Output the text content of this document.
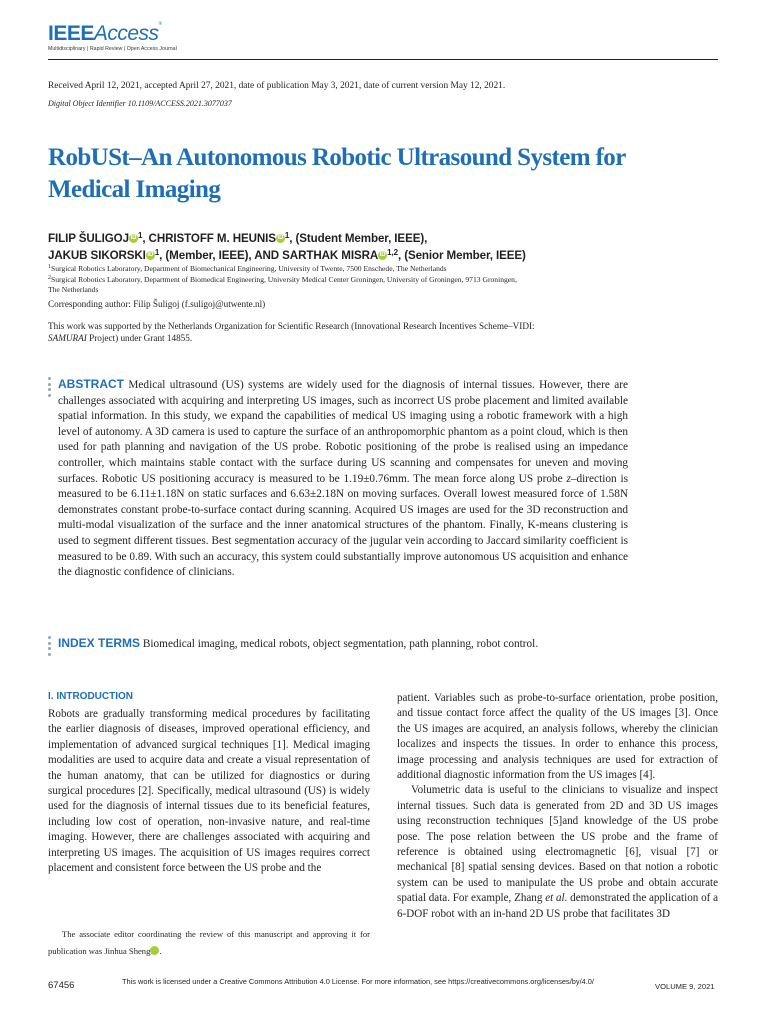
IEEEAccess®
Multidisciplinary | Rapid Review | Open Access Journal
Received April 12, 2021, accepted April 27, 2021, date of publication May 3, 2021, date of current version May 12, 2021.
Digital Object Identifier 10.1109/ACCESS.2021.3077037
RobUSt–An Autonomous Robotic Ultrasound System for Medical Imaging
FILIP ŠULIGOJ iD $^1$, CHRISTOFF M. HEUNIS iD $^1$, (Student Member, IEEE),
JAKUB SIKORSKI iD $^1$, (Member, IEEE), AND SARTHAK MISRA iD $^{1,2}$, (Senior Member, IEEE)
$^1$Surgical Robotics Laboratory, Department of Biomechanical Engineering, University of Twente, 7500 Enschede, The Netherlands
$^2$Surgical Robotics Laboratory, Department of Biomedical Engineering, University Medical Center Groningen, University of Groningen, 9713 Groningen,
The Netherlands
Corresponding author: Filip Šuligoj (f.suligoj@utwente.nl)
This work was supported by the Netherlands Organization for Scientific Research (Innovational Research Incentives Scheme–VIDI:
SAMURAI Project) under Grant 14855.
ABSTRACT Medical ultrasound (US) systems are widely used for the diagnosis of internal tissues. However, there are challenges associated with acquiring and interpreting US images, such as incorrect US probe placement and limited available spatial information. In this study, we expand the capabilities of medical US imaging using a robotic framework with a high level of autonomy. A 3D camera is used to capture the surface of an anthropomorphic phantom as a point cloud, which is then used for path planning and navigation of the US probe. Robotic positioning of the probe is realised using an impedance controller, which maintains stable contact with the surface during US scanning and compensates for uneven and moving surfaces. Robotic US positioning accuracy is measured to be 1.19±0.76mm. The mean force along US probe z–direction is measured to be 6.11±1.18N on static surfaces and 6.63±2.18N on moving surfaces. Overall lowest measured force of 1.58N demonstrates constant probe-to-surface contact during scanning. Acquired US images are used for the 3D reconstruction and multi-modal visualization of the surface and the inner anatomical structures of the phantom. Finally, K-means clustering is used to segment different tissues. Best segmentation accuracy of the jugular vein according to Jaccard similarity coefficient is measured to be 0.89. With such an accuracy, this system could substantially improve autonomous US acquisition and enhance the diagnostic confidence of clinicians.
INDEX TERMS Biomedical imaging, medical robots, object segmentation, path planning, robot control.
I. INTRODUCTION
Robots are gradually transforming medical procedures by facilitating the earlier diagnosis of diseases, improved operational efficiency, and implementation of advanced surgical techniques [1]. Medical imaging modalities are used to acquire data and create a visual representation of the human anatomy, that can be utilized for diagnostics or during surgical procedures [2]. Specifically, medical ultrasound (US) is widely used for the diagnosis of internal tissues due to its beneficial features, including low cost of operation, non-invasive nature, and real-time imaging. However, there are challenges associated with acquiring and interpreting US images. The acquisition of US images requires correct placement and consistent force between the US probe and the
patient. Variables such as probe-to-surface orientation, probe position, and tissue contact force affect the quality of the US images [3]. Once the US images are acquired, an analysis follows, whereby the clinician localizes and inspects the tissues. In order to enhance this process, image processing and analysis techniques are used for extraction of additional diagnostic information from the US images [4].
Volumetric data is useful to the clinicians to visualize and inspect internal tissues. Such data is generated from 2D and 3D US images using reconstruction techniques [5]and knowledge of the US probe pose. The pose relation between the US probe and the frame of reference is obtained using electromagnetic [6], visual [7] or mechanical [8] spatial sensing devices. Based on that notion a robotic system can be used to manipulate the US probe and obtain accurate spatial data. For example, Zhang et al. demonstrated the application of a 6-DOF robot with an in-hand 2D US probe that facilitates 3D
The associate editor coordinating the review of this manuscript and approving it for publication was Jinhua Sheng iD.
67456	This work is licensed under a Creative Commons Attribution 4.0 License. For more information, see https://creativecommons.org/licenses/by/4.0/
VOLUME 9, 2021
